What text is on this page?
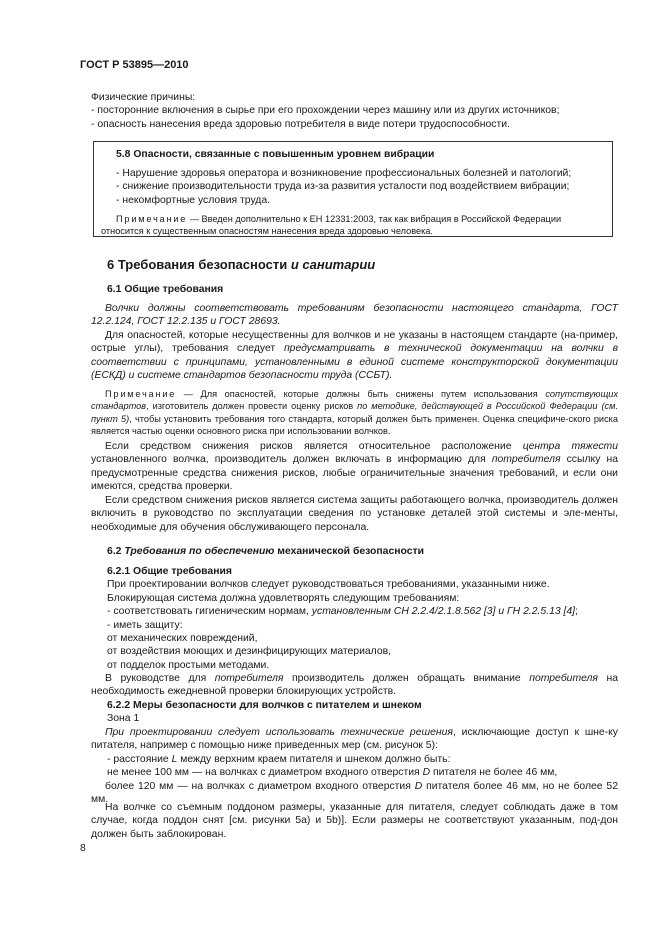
ГОСТ Р 53895—2010
Физические причины:
- посторонние включения в сырье при его прохождении через машину или из других источников;
- опасность нанесения вреда здоровью потребителя в виде потери трудоспособности.
5.8 Опасности, связанные с повышенным уровнем вибрации
- Нарушение здоровья оператора и возникновение профессиональных болезней и патологий;
- снижение производительности труда из-за развития усталости под воздействием вибрации;
- некомфортные условия труда.
Примечание — Введен дополнительно к ЕН 12331:2003, так как вибрация в Российской Федерации
относится к существенным опасностям нанесения вреда здоровью человека.
6 Требования безопасности и санитарии
6.1 Общие требования
Волчки должны соответствовать требованиям безопасности настоящего стандарта, ГОСТ 12.2.124, ГОСТ 12.2.135 и ГОСТ 28693.
Для опасностей, которые несущественны для волчков и не указаны в настоящем стандарте (на-пример, острые углы), требования следует предусматривать в технической документации на волчки в соответствии с принципами, установленными в единой системе конструкторской документации (ЕСКД) и системе стандартов безопасности труда (ССБТ).
Примечание — Для опасностей, которые должны быть снижены путем использования сопутствующих стандартов, изготовитель должен провести оценку рисков по методике, действующей в Российской Федерации (см. пункт 5), чтобы установить требования того стандарта, который должен быть применен. Оценка специфиче-ского риска является частью оценки основного риска при использовании волчков.
Если средством снижения рисков является относительное расположение центра тяжести установленного волчка, производитель должен включать в информацию для потребителя ссылку на предусмотренные средства снижения рисков, любые ограничительные значения требований, и если они имеются, средства проверки.
Если средством снижения рисков является система защиты работающего волчка, производитель должен включить в руководство по эксплуатации сведения по установке деталей этой системы и эле-менты, необходимые для обучения обслуживающего персонала.
6.2 Требования по обеспечению механической безопасности
6.2.1 Общие требования
При проектировании волчков следует руководствоваться требованиями, указанными ниже.
Блокирующая система должна удовлетворять следующим требованиям:
- соответствовать гигиеническим нормам, установленным СН 2.2.4/2.1.8.562 [3] и ГН 2.2.5.13 [4];
- иметь защиту:
от механических повреждений,
от воздействия моющих и дезинфицирующих материалов,
от подделок простыми методами.
В руководстве для потребителя производитель должен обращать внимание потребителя на необходимость ежедневной проверки блокирующих устройств.
6.2.2 Меры безопасности для волчков с питателем и шнеком
Зона 1
При проектировании следует использовать технические решения, исключающие доступ к шне-ку питателя, например с помощью ниже приведенных мер (см. рисунок 5):
- расстояние L между верхним краем питателя и шнеком должно быть:
не менее 100 мм — на волчках с диаметром входного отверстия D питателя не более 46 мм,
более 120 мм — на волчках с диаметром входного отверстия D питателя более 46 мм, но не более 52 мм.
На волчке со съемным поддоном размеры, указанные для питателя, следует соблюдать даже в том случае, когда поддон снят [см. рисунки 5а) и 5b)]. Если размеры не соответствуют указанным, под-дон должен быть заблокирован.
8
